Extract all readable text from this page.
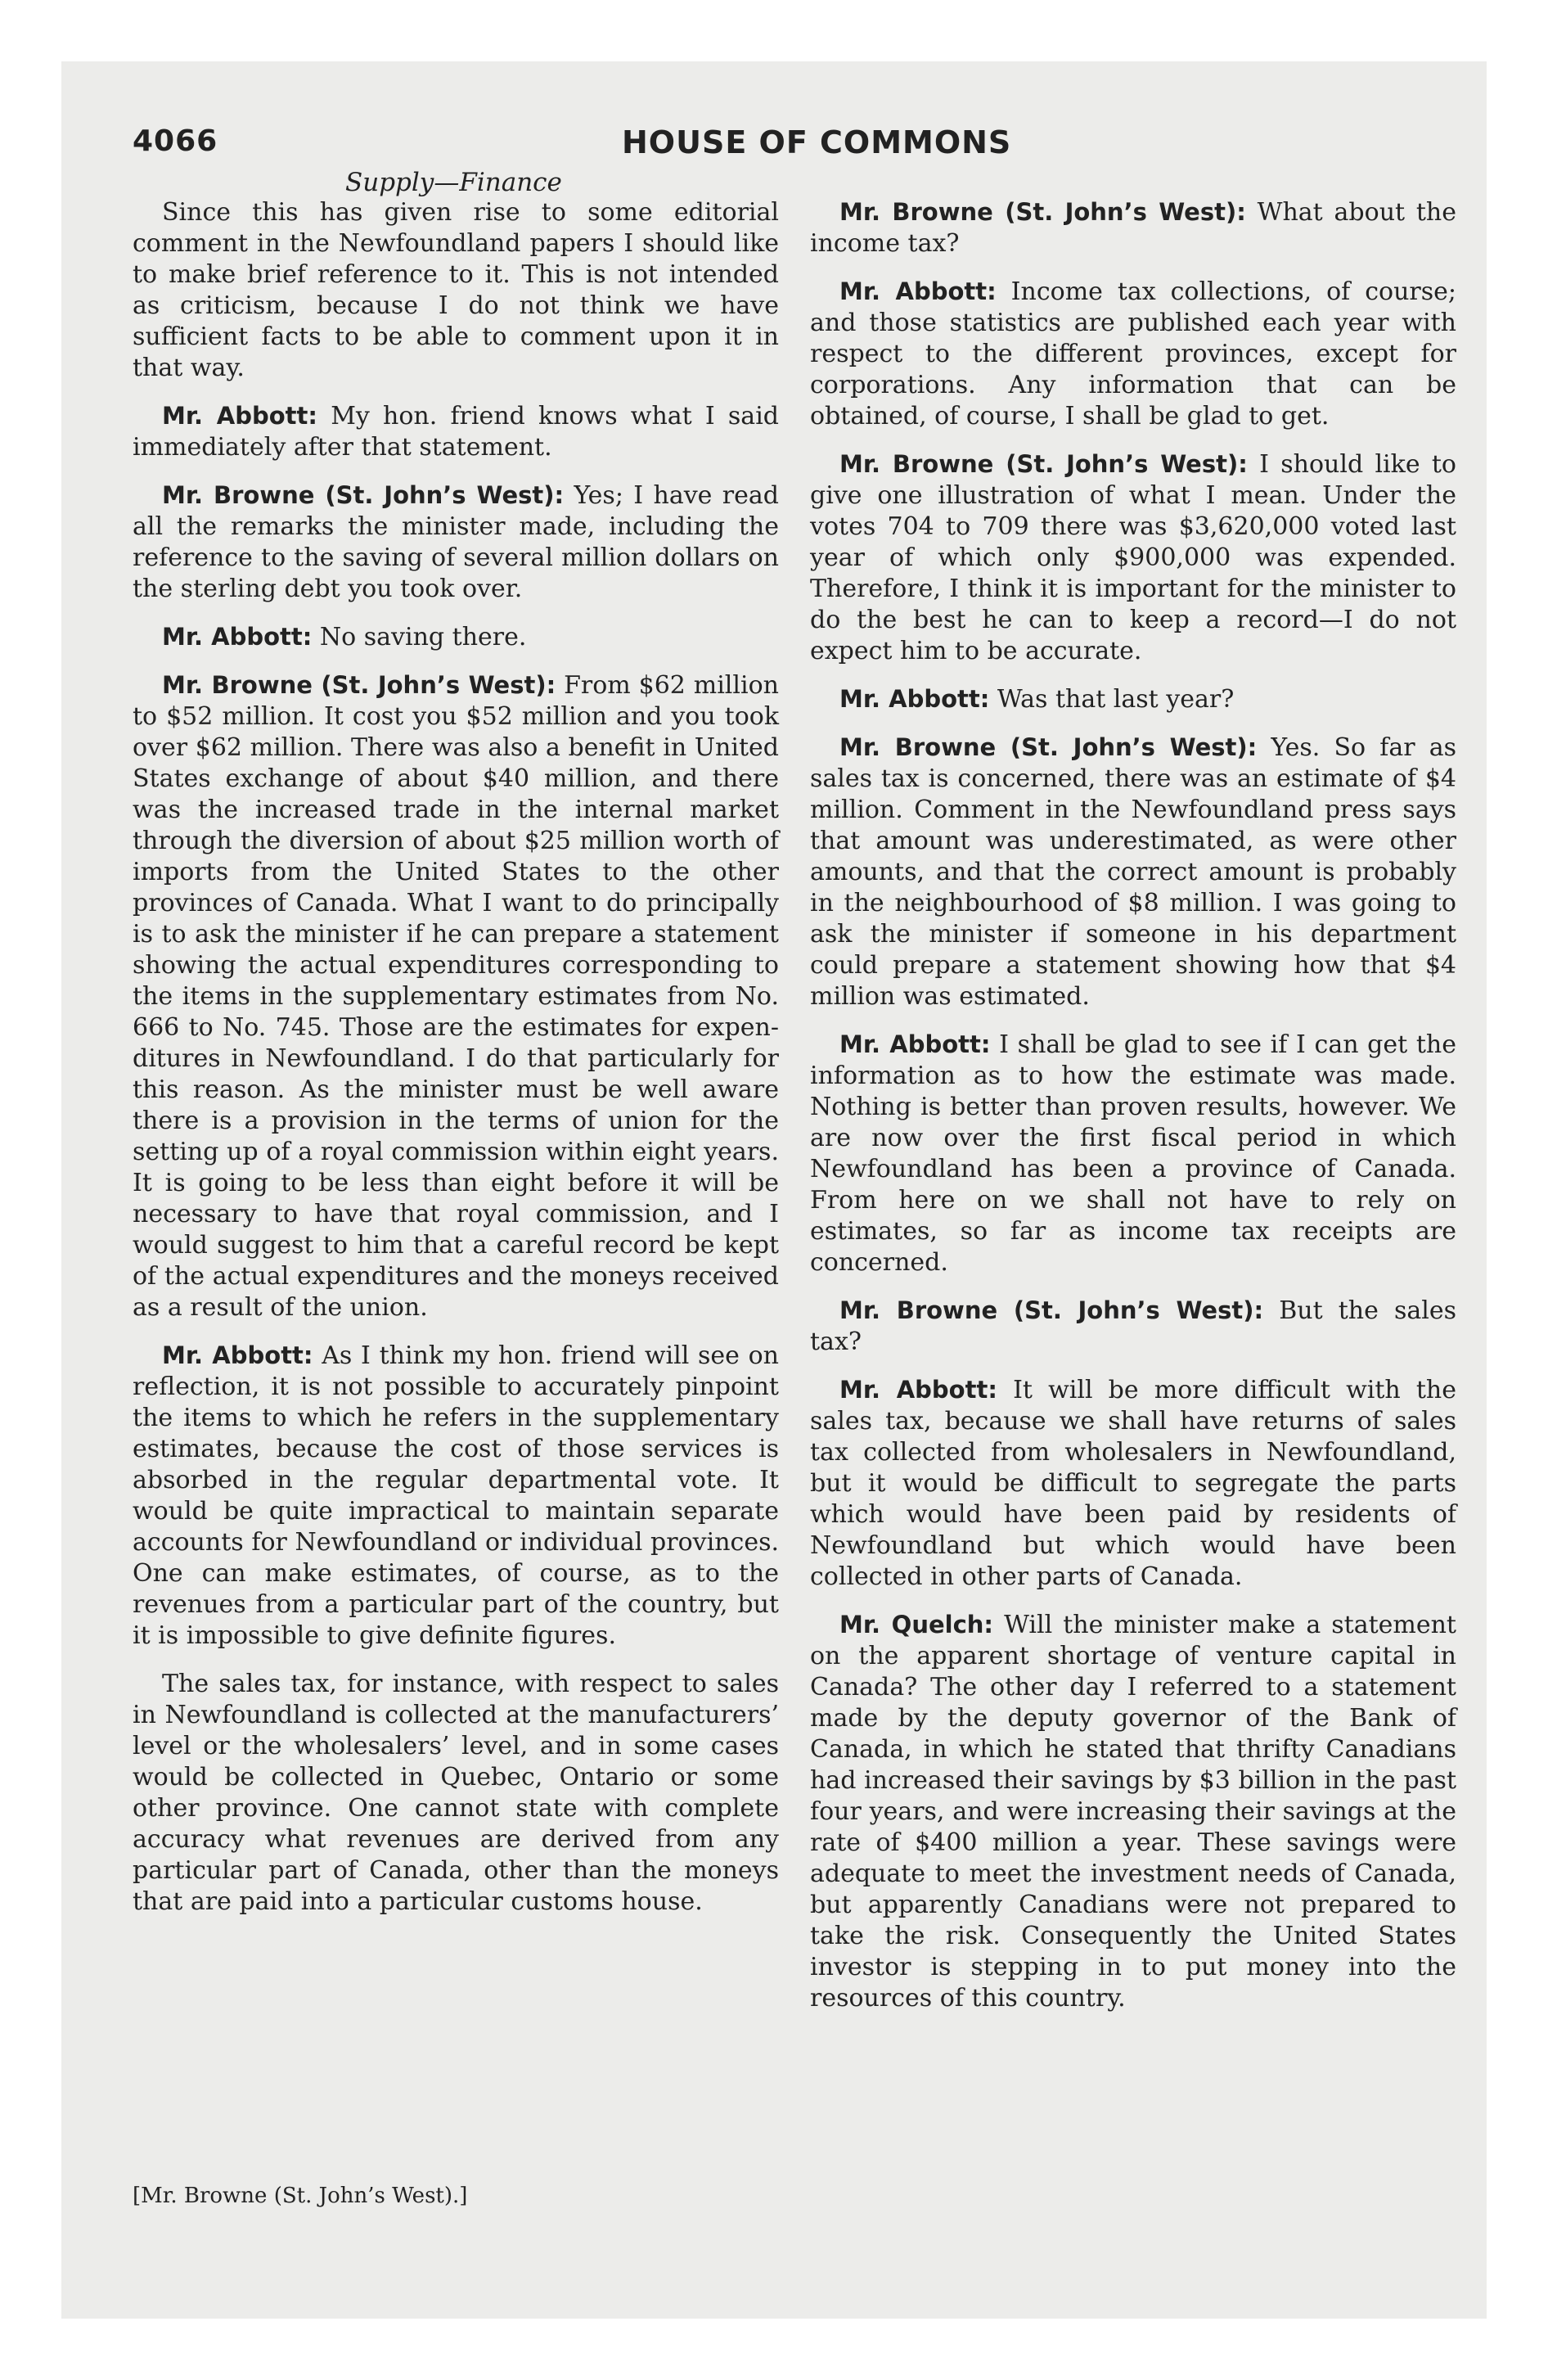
4066	HOUSE OF COMMONS
Supply—Finance

Since this has given rise to some editorial comment in the Newfoundland papers I should like to make brief reference to it. This is not intended as criticism, because I do not think we have sufficient facts to be able to comment upon it in that way.

Mr. Abbott: My hon. friend knows what I said immediately after that statement.

Mr. Browne (St. John’s West): Yes; I have read all the remarks the minister made, including the reference to the saving of several million dollars on the sterling debt you took over.

Mr. Abbott: No saving there.

Mr. Browne (St. John’s West): From $62 million to $52 million. It cost you $52 million and you took over $62 million. There was also a benefit in United States exchange of about $40 million, and there was the increased trade in the internal market through the diversion of about $25 million worth of imports from the United States to the other provinces of Canada. What I want to do principally is to ask the minister if he can prepare a statement showing the actual expenditures corresponding to the items in the supplementary estimates from No. 666 to No. 745. Those are the estimates for expenditures in Newfoundland. I do that particularly for this reason. As the minister must be well aware there is a provision in the terms of union for the setting up of a royal commission within eight years. It is going to be less than eight before it will be necessary to have that royal commission, and I would suggest to him that a careful record be kept of the actual expenditures and the moneys received as a result of the union.

Mr. Abbott: As I think my hon. friend will see on reflection, it is not possible to accurately pinpoint the items to which he refers in the supplementary estimates, because the cost of those services is absorbed in the regular departmental vote. It would be quite impractical to maintain separate accounts for Newfoundland or individual provinces. One can make estimates, of course, as to the revenues from a particular part of the country, but it is impossible to give definite figures.

The sales tax, for instance, with respect to sales in Newfoundland is collected at the manufacturers’ level or the wholesalers’ level, and in some cases would be collected in Quebec, Ontario or some other province. One cannot state with complete accuracy what revenues are derived from any particular part of Canada, other than the moneys that are paid into a particular customs house.

Mr. Browne (St. John’s West): What about the income tax?

Mr. Abbott: Income tax collections, of course; and those statistics are published each year with respect to the different provinces, except for corporations. Any information that can be obtained, of course, I shall be glad to get.

Mr. Browne (St. John’s West): I should like to give one illustration of what I mean. Under the votes 704 to 709 there was $3,620,000 voted last year of which only $900,000 was expended. Therefore, I think it is important for the minister to do the best he can to keep a record—I do not expect him to be accurate.

Mr. Abbott: Was that last year?

Mr. Browne (St. John’s West): Yes. So far as sales tax is concerned, there was an estimate of $4 million. Comment in the Newfoundland press says that amount was underestimated, as were other amounts, and that the correct amount is probably in the neighbourhood of $8 million. I was going to ask the minister if someone in his department could prepare a statement showing how that $4 million was estimated.

Mr. Abbott: I shall be glad to see if I can get the information as to how the estimate was made. Nothing is better than proven results, however. We are now over the first fiscal period in which Newfoundland has been a province of Canada. From here on we shall not have to rely on estimates, so far as income tax receipts are concerned.

Mr. Browne (St. John’s West): But the sales tax?

Mr. Abbott: It will be more difficult with the sales tax, because we shall have returns of sales tax collected from wholesalers in Newfoundland, but it would be difficult to segregate the parts which would have been paid by residents of Newfoundland but which would have been collected in other parts of Canada.

Mr. Quelch: Will the minister make a statement on the apparent shortage of venture capital in Canada? The other day I referred to a statement made by the deputy governor of the Bank of Canada, in which he stated that thrifty Canadians had increased their savings by $3 billion in the past four years, and were increasing their savings at the rate of $400 million a year. These savings were adequate to meet the investment needs of Canada, but apparently Canadians were not prepared to take the risk. Consequently the United States investor is stepping in to put money into the resources of this country.

[Mr. Browne (St. John’s West).]
